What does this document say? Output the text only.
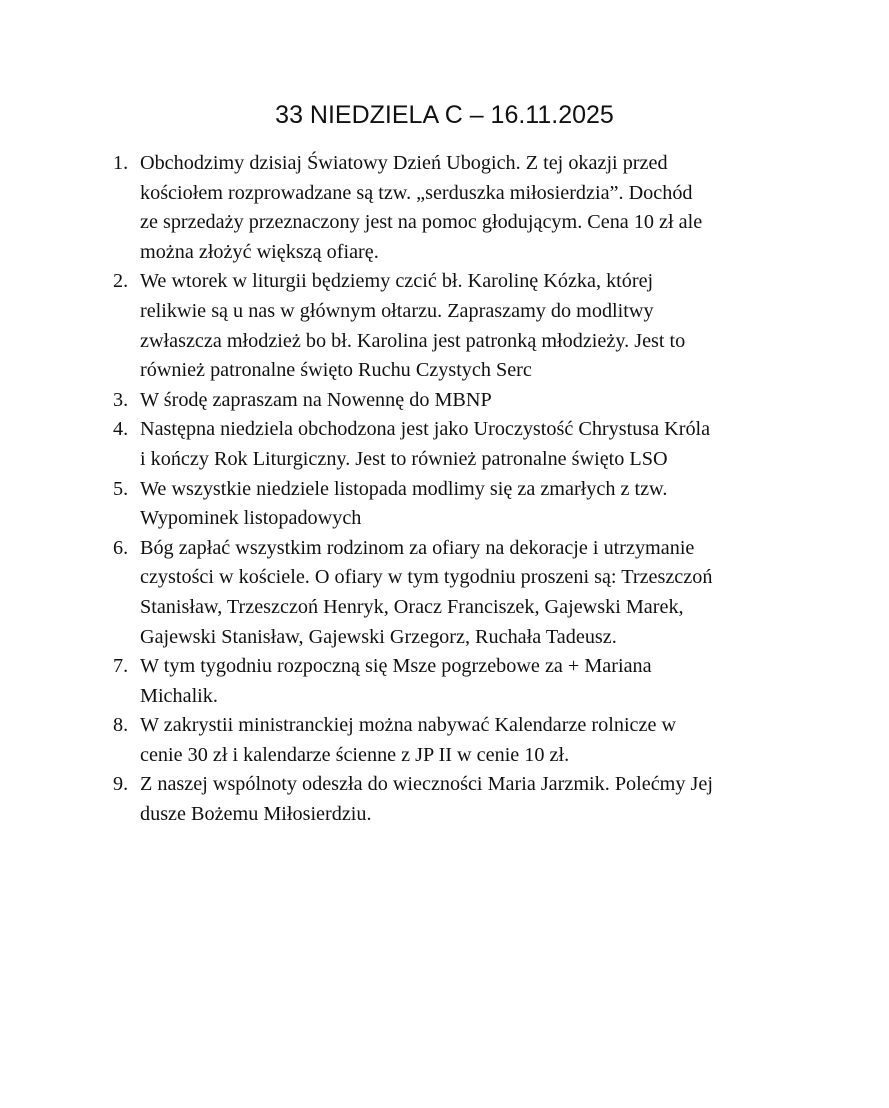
33 NIEDZIELA C – 16.11.2025
1. Obchodzimy dzisiaj Światowy Dzień Ubogich. Z tej okazji przed
kościołem rozprowadzane są tzw. „serduszka miłosierdzia”. Dochód
ze sprzedaży przeznaczony jest na pomoc głodującym. Cena 10 zł ale
można złożyć większą ofiarę.
2. We wtorek w liturgii będziemy czcić bł. Karolinę Kózka, której
relikwie są u nas w głównym ołtarzu. Zapraszamy do modlitwy
zwłaszcza młodzież bo bł. Karolina jest patronką młodzieży. Jest to
również patronalne święto Ruchu Czystych Serc
3. W środę zapraszam na Nowennę do MBNP
4. Następna niedziela obchodzona jest jako Uroczystość Chrystusa Króla
i kończy Rok Liturgiczny. Jest to również patronalne święto LSO
5. We wszystkie niedziele listopada modlimy się za zmarłych z tzw.
Wypominek listopadowych
6. Bóg zapłać wszystkim rodzinom za ofiary na dekoracje i utrzymanie
czystości w kościele. O ofiary w tym tygodniu proszeni są: Trzeszczoń
Stanisław, Trzeszczoń Henryk, Oracz Franciszek, Gajewski Marek,
Gajewski Stanisław, Gajewski Grzegorz, Ruchała Tadeusz.
7. W tym tygodniu rozpoczną się Msze pogrzebowe za + Mariana
Michalik.
8. W zakrystii ministranckiej można nabywać Kalendarze rolnicze w
cenie 30 zł i kalendarze ścienne z JP II w cenie 10 zł.
9. Z naszej wspólnoty odeszła do wieczności Maria Jarzmik. Polećmy Jej
dusze Bożemu Miłosierdziu.
